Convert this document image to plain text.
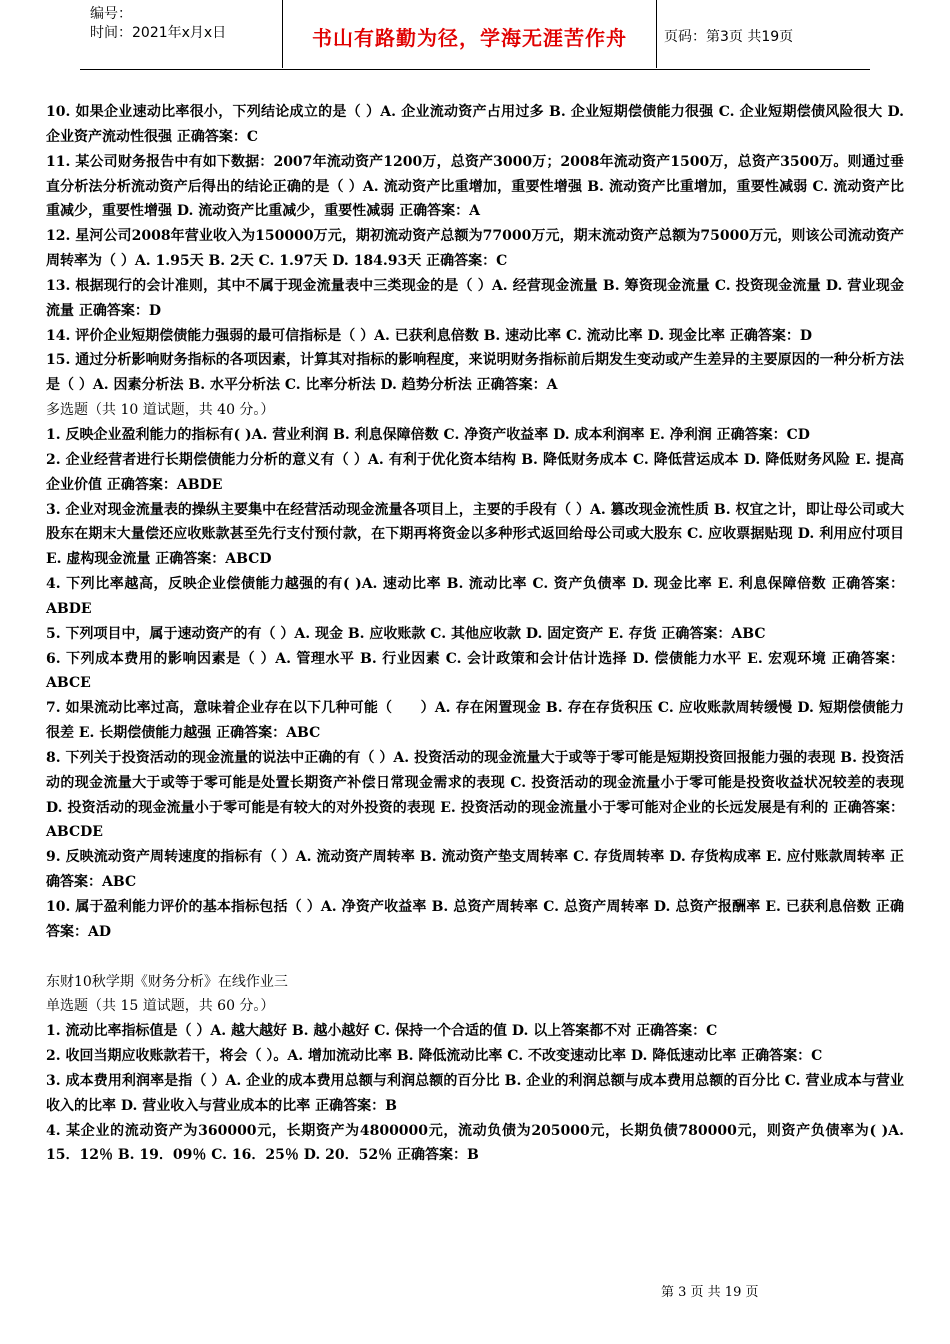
编号：
时间：2021年x月x日	书山有路勤为径，学海无涯苦作舟	页码：第3页 共19页
10. 如果企业速动比率很小，下列结论成立的是（ ）A. 企业流动资产占用过多 B. 企业短期偿债能力很强 C. 企业短期偿债风险很大 D. 企业资产流动性很强 正确答案：C
11. 某公司财务报告中有如下数据：2007年流动资产1200万，总资产3000万；2008年流动资产1500万，总资产3500万。则通过垂直分析法分析流动资产后得出的结论正确的是（ ）A. 流动资产比重增加，重要性增强 B. 流动资产比重增加，重要性减弱 C. 流动资产比重减少，重要性增强 D. 流动资产比重减少，重要性减弱 正确答案：A
12. 星河公司2008年营业收入为150000万元，期初流动资产总额为77000万元，期末流动资产总额为75000万元，则该公司流动资产周转率为（ ）A. 1.95天 B. 2天 C. 1.97天 D. 184.93天 正确答案：C
13. 根据现行的会计准则，其中不属于现金流量表中三类现金的是（ ）A. 经营现金流量 B. 筹资现金流量 C. 投资现金流量 D. 营业现金流量 正确答案：D
14. 评价企业短期偿债能力强弱的最可信指标是（ ）A. 已获利息倍数 B. 速动比率 C. 流动比率 D. 现金比率 正确答案：D
15. 通过分析影响财务指标的各项因素，计算其对指标的影响程度，来说明财务指标前后期发生变动或产生差异的主要原因的一种分析方法是（ ）A. 因素分析法 B. 水平分析法 C. 比率分析法 D. 趋势分析法 正确答案：A
多选题（共 10 道试题，共 40 分。）
1. 反映企业盈利能力的指标有( )A. 营业利润 B. 利息保障倍数 C. 净资产收益率 D. 成本利润率 E. 净利润 正确答案：CD
2. 企业经营者进行长期偿债能力分析的意义有（ ）A. 有利于优化资本结构 B. 降低财务成本 C. 降低营运成本 D. 降低财务风险 E. 提高企业价值 正确答案：ABDE
3. 企业对现金流量表的操纵主要集中在经营活动现金流量各项目上，主要的手段有（ ）A. 篡改现金流性质 B. 权宜之计，即让母公司或大股东在期末大量偿还应收账款甚至先行支付预付款，在下期再将资金以多种形式返回给母公司或大股东 C. 应收票据贴现 D. 利用应付项目 E. 虚构现金流量 正确答案：ABCD
4. 下列比率越高，反映企业偿债能力越强的有( )A. 速动比率 B. 流动比率 C. 资产负债率 D. 现金比率 E. 利息保障倍数 正确答案：ABDE
5. 下列项目中，属于速动资产的有（ ）A. 现金 B. 应收账款 C. 其他应收款 D. 固定资产 E. 存货 正确答案：ABC
6. 下列成本费用的影响因素是（ ）A. 管理水平 B. 行业因素 C. 会计政策和会计估计选择 D. 偿债能力水平 E. 宏观环境 正确答案：ABCE
7. 如果流动比率过高，意味着企业存在以下几种可能（　　）A. 存在闲置现金 B. 存在存货积压 C. 应收账款周转缓慢 D. 短期偿债能力很差 E. 长期偿债能力越强 正确答案：ABC
8. 下列关于投资活动的现金流量的说法中正确的有（ ）A. 投资活动的现金流量大于或等于零可能是短期投资回报能力强的表现 B. 投资活动的现金流量大于或等于零可能是处置长期资产补偿日常现金需求的表现 C. 投资活动的现金流量小于零可能是投资收益状况较差的表现 D. 投资活动的现金流量小于零可能是有较大的对外投资的表现 E. 投资活动的现金流量小于零可能对企业的长远发展是有利的 正确答案：ABCDE
9. 反映流动资产周转速度的指标有（ ）A. 流动资产周转率 B. 流动资产垫支周转率 C. 存货周转率 D. 存货构成率 E. 应付账款周转率 正确答案：ABC
10. 属于盈利能力评价的基本指标包括（ ）A. 净资产收益率 B. 总资产周转率 C. 总资产周转率 D. 总资产报酬率 E. 已获利息倍数 正确答案：AD
东财10秋学期《财务分析》在线作业三
单选题（共 15 道试题，共 60 分。）
1. 流动比率指标值是（ ）A. 越大越好 B. 越小越好 C. 保持一个合适的值 D. 以上答案都不对 正确答案：C
2. 收回当期应收账款若干，将会（ ）。A. 增加流动比率 B. 降低流动比率 C. 不改变速动比率 D. 降低速动比率 正确答案：C
3. 成本费用利润率是指（ ）A. 企业的成本费用总额与利润总额的百分比 B. 企业的利润总额与成本费用总额的百分比 C. 营业成本与营业收入的比率 D. 营业收入与营业成本的比率 正确答案：B
4. 某企业的流动资产为360000元，长期资产为4800000元，流动负债为205000元，长期负债780000元，则资产负债率为( )A. 15．12％ B. 19．09％ C. 16．25％ D. 20．52％ 正确答案：B
第 3 页 共 19 页
